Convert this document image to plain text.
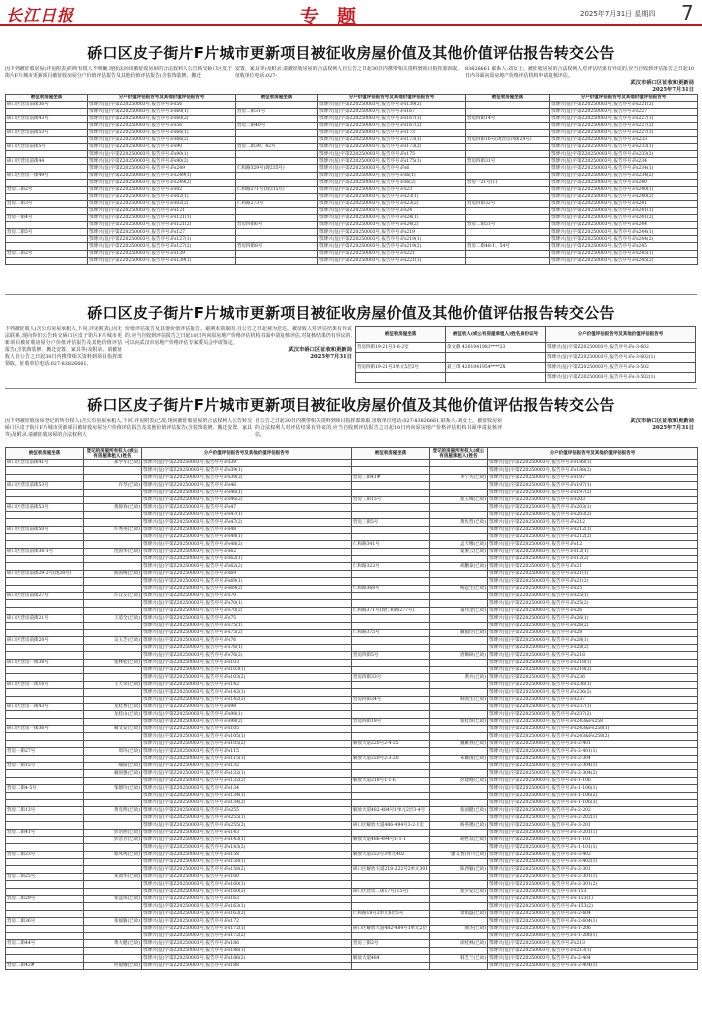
长江日报	专题	2025年7月31日 星期四 7
硚口区皮子街片F片城市更新项目被征收房屋价值及其他价值评估报告转交公告
因下列被征收房屋(详见附表)的所有权人不明确,现依法向该被征收房屋的合法权利人公告转交硚口区皮子街片F片城市更新项目被征收房屋分户价值评估报告及其他价值评估报告(含装饰装修、搬迁
安置、家具等)及附录,请被征收房屋的合法权利人自公告之日起30日内携带相关资料到项目指挥部领取。征收单位电话:027-
83826661 联系人:刘女士。被征收房屋的合法权利人对评估结果有异议的,应当自收到评估报告之日起10日内书面向原房地产价格评估机构申请复核评估。
武汉市硚口区征收和更新局
2025年7月31日
被征收房屋坐落	分户价值评估报告号及其他价值评估报告号	被征收房屋坐落	分户价值评估报告号及其他价值评估报告号	被征收房屋坐落	分户价值评估报告号及其他价值评估报告号
硚口区营房前街36号	鄂博兴(征)字第Z20250003号,报告序号:Fs56		鄂博兴(征)字第Z20250003号,报告序号:Fs139(2)		鄂博兴(征)字第Z20250003号,报告序号:Fs221(2)
	鄂博兴(征)字第Z20250003号,报告序号:Fs60(1)	营房二街31号	鄂博兴(征)字第Z20250003号,报告序号:Fs167		鄂博兴(征)字第Z20250003号,报告序号:Fs227
硚口区营房前街43号	鄂博兴(征)字第Z20250003号,报告序号:Fs60(2)		鄂博兴(征)字第Z20250003号,报告序号:Fs167(1)	营房四街14号	鄂博兴(征)字第Z20250003号,报告序号:Fs227(1)
	鄂博兴(征)字第Z20250003号,报告序号:Fs56	营房二街40号	鄂博兴(征)字第Z20250003号,报告序号:Fs167(2)		鄂博兴(征)字第Z20250003号,报告序号:Fs227(2)
硚口区营房前街53号	鄂博兴(征)字第Z20250003号,报告序号:Fs66(1)		鄂博兴(征)字第Z20250003号,报告序号:Fs173		鄂博兴(征)字第Z20250003号,报告序号:Fs227(3)
	鄂博兴(征)字第Z20250003号,报告序号:Fs66(2)		鄂博兴(征)字第Z20250003号,报告序号:Fs173(1)	营房四街16号(现营房四街24号)	鄂博兴(征)字第Z20250003号,报告序号:Fs233
硚口区营房前街5号	鄂博兴(征)字第Z20250003号,报告序号:Fs90	营房二街39、42号	鄂博兴(征)字第Z20250003号,报告序号:Fs173(2)		鄂博兴(征)字第Z20250003号,报告序号:Fs233(1)
	鄂博兴(征)字第Z20250003号,报告序号:Fs90(1)		鄂博兴(征)字第Z20250003号,报告序号:Fs175		鄂博兴(征)字第Z20250003号,报告序号:Fs233(2)
硚口区营房前街44	鄂博兴(征)字第Z20250003号,报告序号:Fs90(2)		鄂博兴(征)字第Z20250003号,报告序号:Fs175(1)	营房四街31号	鄂博兴(征)字第Z20250003号,报告序号:Fs234
	鄂博兴(征)字第Z20250003号,报告序号:Fs249	仁和路329号(现235号)	鄂博兴(征)字第Z20250003号,报告序号:Fs6		鄂博兴(征)字第Z20250003号,报告序号:Fs234(1)
硚口区营房一街49号	鄂博兴(征)字第Z20250003号,报告序号:Fs249(1)		鄂博兴(征)字第Z20250003号,报告序号:Fs6(1)		鄂博兴(征)字第Z20250003号,报告序号:Fs234(2)
	鄂博兴(征)字第Z20250003号,报告序号:Fs249(2)		鄂博兴(征)字第Z20250003号,报告序号:Fs6(2)	营房一21号(1)	鄂博兴(征)字第Z20250003号,报告序号:Fs240
营房二街2号	鄂博兴(征)字第Z20250003号,报告序号:Fs02	仁和路271号(现315号)	鄂博兴(征)字第Z20250003号,报告序号:Fs23		鄂博兴(征)字第Z20250003号,报告序号:Fs240(1)
	鄂博兴(征)字第Z20250003号,报告序号:Fs02(1)		鄂博兴(征)字第Z20250003号,报告序号:Fs23(1)		鄂博兴(征)字第Z20250003号,报告序号:Fs240(2)
营房二街3号	鄂博兴(征)字第Z20250003号,报告序号:Fs02(2)	仁和路273号	鄂博兴(征)字第Z20250003号,报告序号:Fs23(2)	营房四街32号	鄂博兴(征)字第Z20250003号,报告序号:Fs241
	鄂博兴(征)字第Z20250003号,报告序号:Fs121		鄂博兴(征)字第Z20250003号,报告序号:Fs24		鄂博兴(征)字第Z20250003号,报告序号:Fs241(1)
营房一街4号	鄂博兴(征)字第Z20250003号,报告序号:Fs121(1)		鄂博兴(征)字第Z20250003号,报告序号:Fs24(1)		鄂博兴(征)字第Z20250003号,报告序号:Fs241(2)
	鄂博兴(征)字第Z20250003号,报告序号:Fs121(2)	营房四街6号	鄂博兴(征)字第Z20250003号,报告序号:Fs24(2)	营房二街51号	鄂博兴(征)字第Z20250003号,报告序号:Fs244
营房二街5号	鄂博兴(征)字第Z20250003号,报告序号:Fs127		鄂博兴(征)字第Z20250003号,报告序号:Fs219		鄂博兴(征)字第Z20250003号,报告序号:Fs244(1)
	鄂博兴(征)字第Z20250003号,报告序号:Fs127(1)		鄂博兴(征)字第Z20250003号,报告序号:Fs219(1)		鄂博兴(征)字第Z20250003号,报告序号:Fs244(2)
	鄂博兴(征)字第Z20250003号,报告序号:Fs127(2)	营房四街8号	鄂博兴(征)字第Z20250003号,报告序号:Fs219(2)	营房二街48-1、54号	鄂博兴(征)字第Z20250003号,报告序号:Fs245
营房二街2号	鄂博兴(征)字第Z20250003号,报告序号:Fs139		鄂博兴(征)字第Z20250003号,报告序号:Fs221		鄂博兴(征)字第Z20250003号,报告序号:Fs245(1)
	鄂博兴(征)字第Z20250003号,报告序号:Fs139(1)		鄂博兴(征)字第Z20250003号,报告序号:Fs221(1)		鄂博兴(征)字第Z20250003号,报告序号:Fs245(2)
硚口区皮子街片F片城市更新项目被征收房屋价值及其他价值评估报告转交公告
下列被征收人(含公有房屋承租人,下同,详见附表),因无法联系,现向你们公告转交硚口区皮子街片F片城市更新项目被征收房屋分户价值评估报告及其他价值评估报告(含装饰装修、搬迁安置、家具等)及附录。请被征收人自公告之日起30日内携带相关资料到项目指挥部领取。征收单位电话:027-83826661。
价值评估报告及其他价值评估报告。逾期未领取的,自公告之日起视为送达。被征收人对评估结果有异议的,应当自收到评估报告之日起10日内向原房地产价格评估机构书面申请复核评估,对复核结果仍有异议的,可以向武汉市房地产价格评估专家委员会申请鉴定。
武汉市硚口区征收和更新局
2025年7月31日
被征收房屋坐落	被征收人(或公有房屋承租人)姓名身份证号	分户价值评估报告号及其他价值评估报告号
营房四街19-21号3-6-2室	余文静 4201041981****23	鄂博兴(征)字第Z20250003号,报告序号:Fs-3-602
		鄂博兴(征)字第Z20250003号,报告序号:Fs-3-602(1)
营房四街19-21号3单元5层2号	聂三琪 4201041954****2X	鄂博兴(征)字第Z20250003号,报告序号:Fs-3-502
		鄂博兴(征)字第Z20250003号,报告序号:Fs-3-502(1)
硚口区皮子街片F片城市更新项目被征收房屋价值及其他价值评估报告转交公告
因下列被征收房屋登记的所有权人(含公有房屋承租人,下同,详见附表)已故,现向被征收房屋的合法权利人公告转交硚口区皮子街片F片城市更新项目被征收房屋分户价值评估报告及其他价值评估报告(含装饰装修、搬迁安置、家具等)及附录,请被征收房屋的合法权利人
自公告之日起30日内携带相关资料到项目指挥部领取,征收单位电话:027-83826661,联系人:刘女士。被征收房屋的合法权利人对评估结果有异议的,应当自收到评估报告之日起10日内向原房地产价格评估机构书面申请复核评估。
武汉市硚口区征收和更新局
2025年7月31日
被征收房屋坐落	登记的房屋所有权人(或公有房屋承租人)姓名	分户价值评估报告号及其他价值评估报告号	被征收房屋坐落	登记的房屋所有权人(或公有房屋承租人)姓名	分户价值评估报告号及其他价值评估报告号
硚口区营房前街41号	郑学军(已故)	鄂博兴(征)字第Z20250003号,报告序号:Fs39			鄂博兴(征)字第Z20250003号,报告序号:Fs188(1)
		鄂博兴(征)字第Z20250003号,报告序号:Fs39(1)			鄂博兴(征)字第Z20250003号,报告序号:Fs188(2)
		鄂博兴(征)字第Z20250003号,报告序号:Fs39(2)	营房三街41#	李宁夫(已故)	鄂博兴(征)字第Z20250003号,报告序号:Fs197
硚口区营房前街53号	许琴(已故)	鄂博兴(征)字第Z20250003号,报告序号:Fs46			鄂博兴(征)字第Z20250003号,报告序号:Fs197(1)
		鄂博兴(征)字第Z20250003号,报告序号:Fs46(1)			鄂博兴(征)字第Z20250003号,报告序号:Fs197(2)
		鄂博兴(征)字第Z20250003号,报告序号:Fs46(2)	营房三街15号	张玉梅(已故)	鄂博兴(征)字第Z20250003号,报告序号:Fs203
硚口区营房前街53号	黄锦春(已故)	鄂博兴(征)字第Z20250003号,报告序号:Fs47			鄂博兴(征)字第Z20250003号,报告序号:Fs203(1)
		鄂博兴(征)字第Z20250003号,报告序号:Fs47(1)			鄂博兴(征)字第Z20250003号,报告序号:Fs203(2)
		鄂博兴(征)字第Z20250003号,报告序号:Fs47(2)	营房三街5号	黄佐营(已故)	鄂博兴(征)字第Z20250003号,报告序号:Fs212
硚口区营房前街50号	许秀英(已故)	鄂博兴(征)字第Z20250003号,报告序号:Fs48			鄂博兴(征)字第Z20250003号,报告序号:Fs212(1)
		鄂博兴(征)字第Z20250003号,报告序号:Fs48(1)			鄂博兴(征)字第Z20250003号,报告序号:Fs212(2)
		鄂博兴(征)字第Z20250003号,报告序号:Fs48(2)	仁和路341号	孟天娜(已故)	鄂博兴(征)字第Z20250003号,报告序号:Fs12
硚口区营房前街36-1号	沈国华(已故)	鄂博兴(征)字第Z20250003号,报告序号:Fs62		夏蜜云(已故)	鄂博兴(征)字第Z20250003号,报告序号:Fs12(1)
		鄂博兴(征)字第Z20250003号,报告序号:Fs62(1)			鄂博兴(征)字第Z20250003号,报告序号:Fs12(2)
		鄂博兴(征)字第Z20250003号,报告序号:Fs62(2)	仁和路323号	胡鹏泰(已故)	鄂博兴(征)字第Z20250003号,报告序号:Fs21
硚口区营房前街29-2号(现28号)	熊国梅(已故)	鄂博兴(征)字第Z20250003号,报告序号:Fs69			鄂博兴(征)字第Z20250003号,报告序号:Fs21(1)
		鄂博兴(征)字第Z20250003号,报告序号:Fs69(1)			鄂博兴(征)字第Z20250003号,报告序号:Fs21(2)
		鄂博兴(征)字第Z20250003号,报告序号:Fs69(2)	仁和路369号	杨远生(已故)	鄂博兴(征)字第Z20250003号,报告序号:Fs25
硚口区营房前街27号	许汉友(已故)	鄂博兴(征)字第Z20250003号,报告序号:Fs70			鄂博兴(征)字第Z20250003号,报告序号:Fs25(1)
		鄂博兴(征)字第Z20250003号,报告序号:Fs70(1)			鄂博兴(征)字第Z20250003号,报告序号:Fs25(2)
		鄂博兴(征)字第Z20250003号,报告序号:Fs70(2)	仁和路371号(现仁和路277号)	董伟金(已故)	鄂博兴(征)字第Z20250003号,报告序号:Fs26
硚口区营房前街21号	王道全(已故)	鄂博兴(征)字第Z20250003号,报告序号:Fs75			鄂博兴(征)字第Z20250003号,报告序号:Fs26(1)
		鄂博兴(征)字第Z20250003号,报告序号:Fs75(1)			鄂博兴(征)字第Z20250003号,报告序号:Fs26(2)
		鄂博兴(征)字第Z20250003号,报告序号:Fs75(2)	仁和路375号	戴福臣(已故)	鄂博兴(征)字第Z20250003号,报告序号:Fs28
硚口区营房前街20号	吴玉芝(已故)	鄂博兴(征)字第Z20250003号,报告序号:Fs76			鄂博兴(征)字第Z20250003号,报告序号:Fs28(1)
		鄂博兴(征)字第Z20250003号,报告序号:Fs76(1)			鄂博兴(征)字第Z20250003号,报告序号:Fs28(2)
		鄂博兴(征)字第Z20250003号,报告序号:Fs76(2)	营房四街5号	唐顺研(已故)	鄂博兴(征)字第Z20250003号,报告序号:Fs218
硚口区营房一街38号	张林松(已故)	鄂博兴(征)字第Z20250003号,报告序号:Fs103			鄂博兴(征)字第Z20250003号,报告序号:Fs218(1)
		鄂博兴(征)字第Z20250003号,报告序号:Fs103(1)			鄂博兴(征)字第Z20250003号,报告序号:Fs218(2)
		鄂博兴(征)字第Z20250003号,报告序号:Fs103(2)	营房四街33号	黄兵(已故)	鄂博兴(征)字第Z20250003号,报告序号:Fs236
硚口区营房一街16号	王大荣(已故)	鄂博兴(征)字第Z20250003号,报告序号:Fs142			鄂博兴(征)字第Z20250003号,报告序号:Fs236(1)
		鄂博兴(征)字第Z20250003号,报告序号:Fs142(1)			鄂博兴(征)字第Z20250003号,报告序号:Fs236(2)
		鄂博兴(征)字第Z20250003号,报告序号:Fs142(2)	营房四街34号	韩国生(已故)	鄂博兴(征)字第Z20250003号,报告序号:Fs237
硚口区营房一街43号	龙桂香(已故)	鄂博兴(征)字第Z20250003号,报告序号:Fs98			鄂博兴(征)字第Z20250003号,报告序号:Fs237(1)
	龙桂山(已故)	鄂博兴(征)字第Z20250003号,报告序号:Fs98(1)			鄂博兴(征)字第Z20250003号,报告序号:Fs237(2)
		鄂博兴(征)字第Z20250003号,报告序号:Fs98(2)	营房四街18号	张桂珍(已故)	鄂博兴(征)字第Z20250003号,报告序号:Fs243&Fs258
硚口区营房一街36号	喻文安(已故)	鄂博兴(征)字第Z20250003号,报告序号:Fs105			鄂博兴(征)字第Z20250003号,报告序号:Fs243&Fs258(1)
		鄂博兴(征)字第Z20250003号,报告序号:Fs105(1)			鄂博兴(征)字第Z20250003号,报告序号:Fs243&Fs258(2)
		鄂博兴(征)字第Z20250003号,报告序号:Fs105(2)	解放大道220号2-4-25	魏雁春(已故)	鄂博兴(征)字第Z20250003号,报告序号:Fs-2-401
营房一街27号	周玛(已故)	鄂博兴(征)字第Z20250003号,报告序号:Fs115			鄂博兴(征)字第Z20250003号,报告序号:Fs-2-401(1)
		鄂博兴(征)字第Z20250003号,报告序号:Fs115(1)	解放大道220号2-3-20	朱耀国(已故)	鄂博兴(征)字第Z20250003号,报告序号:Fs-2-304
营房一街15号	喻阳(已故)	鄂博兴(征)字第Z20250003号,报告序号:Fs132			鄂博兴(征)字第Z20250003号,报告序号:Fs-2-304(1)
	喻国强(已故)	鄂博兴(征)字第Z20250003号,报告序号:Fs132(1)			鄂博兴(征)字第Z20250003号,报告序号:Fs-2-304(2)
		鄂博兴(征)字第Z20250003号,报告序号:Fs132(2)	解放大道218号1-1-6	彭建刚(已故)	鄂博兴(征)字第Z20250003号,报告序号:Fs-1-106
营房二街4-5号	邹德玲(已故)	鄂博兴(征)字第Z20250003号,报告序号:Fs134			鄂博兴(征)字第Z20250003号,报告序号:Fs-1-106(1)
		鄂博兴(征)字第Z20250003号,报告序号:Fs134(1)			鄂博兴(征)字第Z20250003号,报告序号:Fs-1-106(2)
		鄂博兴(征)字第Z20250003号,报告序号:Fs134(2)			鄂博兴(征)字第Z20250003号,报告序号:Fs-1-106(3)
营房二街13号	黄克明(已故)	鄂博兴(征)字第Z20250003号,报告序号:Fs255	解放大道482-484号1单元2层3-4号	张国健(已故)	鄂博兴(征)字第Z20250003号,报告序号:Fs-2-202
		鄂博兴(征)字第Z20250003号,报告序号:Fs255(1)			鄂博兴(征)字第Z20250003号,报告序号:Fs-2-202(1)
		鄂博兴(征)字第Z20250003号,报告序号:Fs255(2)	硚口区解放大道486-494号3-2-1室	杨英楼(已故)	鄂博兴(征)字第Z20250003号,报告序号:Fs-3-201
营房二街41号	彭浩明(已故)	鄂博兴(征)字第Z20250003号,报告序号:Fs143			鄂博兴(征)字第Z20250003号,报告序号:Fs-3-201(1)
	彭浩芳(已故)	鄂博兴(征)字第Z20250003号,报告序号:Fs143(1)	解放大道486-494号1-1-1	胡哲双(已故)	鄂博兴(征)字第Z20250003号,报告序号:Fs-1-101
		鄂博兴(征)字第Z20250003号,报告序号:Fs143(2)			鄂博兴(征)字第Z20250003号,报告序号:Fs-1-101(1)
营房二街23号	蔡凤鸣(已故)	鄂博兴(征)字第Z20250003号,报告序号:Fs158	解放大道222号3单元402	廖又香(青川已故)	鄂博兴(征)字第Z20250003号,报告序号:Fs-3-402
		鄂博兴(征)字第Z20250003号,报告序号:Fs158(1)			鄂博兴(征)字第Z20250003号,报告序号:Fs-3-402(1)
		鄂博兴(征)字第Z20250003号,报告序号:Fs158(2)	硚口区解放大道218-222号2单元301	陈西颖(已故)	鄂博兴(征)字第Z20250003号,报告序号:Fs-2-301
营房二街25号	朱润华(已故)	鄂博兴(征)字第Z20250003号,报告序号:Fs160			鄂博兴(征)字第Z20250003号,报告序号:Fs-2-301(1)
		鄂博兴(征)字第Z20250003号,报告序号:Fs160(1)			鄂博兴(征)字第Z20250003号,报告序号:Fs-2-301(2)
		鄂博兴(征)字第Z20250003号,报告序号:Fs160(2)	硚口区营房二街17号(15号)	张少安(已故)	鄂博兴(征)字第Z20250003号,报告序号:Fs-153
营房二街29号	张益凤(已故)	鄂博兴(征)字第Z20250003号,报告序号:Fs163			鄂博兴(征)字第Z20250003号,报告序号:Fs-153(1)
		鄂博兴(征)字第Z20250003号,报告序号:Fs163(1)			鄂博兴(征)字第Z20250003号,报告序号:Fs-153(2)
		鄂博兴(征)字第Z20250003号,报告序号:Fs163(2)	仁和路18号2单元6层5号	余荫盛(已故)	鄂博兴(征)字第Z20250003号,报告序号:Fs-2-604
营房二街36号	张福敏(已故)	鄂博兴(征)字第Z20250003号,报告序号:Fs172			鄂博兴(征)字第Z20250003号,报告序号:Fs-2-604(1)
		鄂博兴(征)字第Z20250003号,报告序号:Fs172(1)	硚口区解放大道482-484号1单元2层	颜杰(已故)	鄂博兴(征)字第Z20250003号,报告序号:Fs-1-206
		鄂博兴(征)字第Z20250003号,报告序号:Fs172(2)			鄂博兴(征)字第Z20250003号,报告序号:Fs-1-206(1)
营房二街44号	黄大健(已故)	鄂博兴(征)字第Z20250003号,报告序号:Fs186	营房三街2号	徐桂林(已故)	鄂博兴(征)字第Z20250003号,报告序号:Fs213
		鄂博兴(征)字第Z20250003号,报告序号:Fs186(1)			鄂博兴(征)字第Z20250003号,报告序号:Fs213(1)
		鄂博兴(征)字第Z20250003号,报告序号:Fs186(2)	解放大道484	韩芝兰(已故)	鄂博兴(征)字第Z20250003号,报告序号:Fs-2-404
营房二街42#	何福娥(已故)	鄂博兴(征)字第Z20250003号,报告序号:Fs188			鄂博兴(征)字第Z20250003号,报告序号:Fs-2-404(1)
